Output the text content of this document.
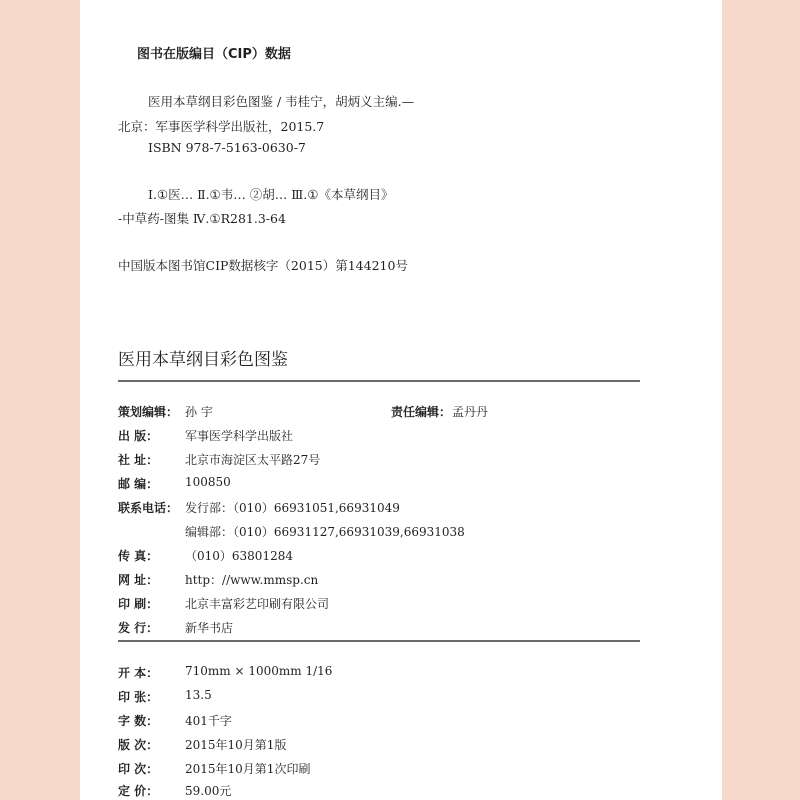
图书在版编目（CIP）数据
医用本草纲目彩色图鉴 / 韦桂宁，胡炳义主编.—
北京：军事医学科学出版社，2015.7
ISBN 978-7-5163-0630-7
Ⅰ.①医… Ⅱ.①韦… ②胡… Ⅲ.①《本草纲目》
-中草药-图集 Ⅳ.①R281.3-64
中国版本图书馆CIP数据核字（2015）第144210号
医用本草纲目彩色图鉴
策划编辑： 孙 宇	责任编辑： 孟丹丹
出 版： 军事医学科学出版社
社 址： 北京市海淀区太平路27号
邮 编： 100850
联系电话： 发行部：（010）66931051,66931049
编辑部：（010）66931127,66931039,66931038
传 真： （010）63801284
网 址： http：//www.mmsp.cn
印 刷： 北京丰富彩艺印刷有限公司
发 行： 新华书店
开 本： 710mm × 1000mm 1/16
印 张： 13.5
字 数： 401千字
版 次： 2015年10月第1版
印 次： 2015年10月第1次印刷
定 价： 59.00元
